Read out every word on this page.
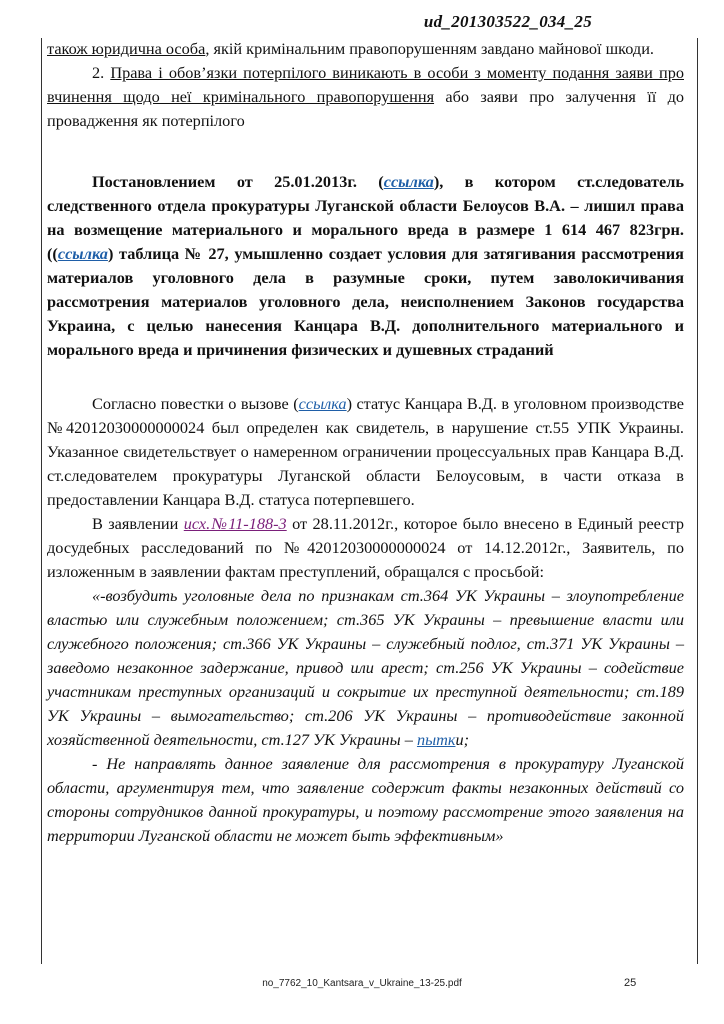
ud_201303522_034_25

також юридична особа, якій кримінальним правопорушенням завдано майнової шкоди.

2. Права і обов’язки потерпілого виникають в особи з моменту подання заяви про вчинення щодо неї кримінального правопорушення або заяви про залучення її до провадження як потерпілого

Постановлением от 25.01.2013г. (ссылка), в котором ст.следователь следственного отдела прокуратуры Луганской области Белоусов В.А. – лишил права на возмещение материального и морального вреда в размере 1 614 467 823грн. ((ссылка) таблица № 27, умышленно создает условия для затягивания рассмотрения материалов уголовного дела в разумные сроки, путем заволокичивания рассмотрения материалов уголовного дела, неисполнением Законов государства Украина, с целью нанесения Канцара В.Д. дополнительного материального и морального вреда и причинения физических и душевных страданий

Согласно повестки о вызове (ссылка) статус Канцара В.Д. в уголовном производстве №42012030000000024 был определен как свидетель, в нарушение ст.55 УПК Украины. Указанное свидетельствует о намеренном ограничении процессуальных прав Канцара В.Д. ст.следователем прокуратуры Луганской области Белоусовым, в части отказа в предоставлении Канцара В.Д. статуса потерпевшего.

В заявлении исх.№11-188-3 от 28.11.2012г., которое было внесено в Единый реестр досудебных расследований по №42012030000000024 от 14.12.2012г., Заявитель, по изложенным в заявлении фактам преступлений, обращался с просьбой:

«-возбудить уголовные дела по признакам ст.364 УК Украины – злоупотребление властью или служебным положением; ст.365 УК Украины – превышение власти или служебного положения; ст.366 УК Украины – служебный подлог, ст.371 УК Украины – заведомо незаконное задержание, привод или арест; ст.256 УК Украины – содействие участникам преступных организаций и сокрытие их преступной деятельности; ст.189 УК Украины – вымогательство; ст.206 УК Украины – противодействие законной хозяйственной деятельности, ст.127 УК Украины – пытки;

- Не направлять данное заявление для рассмотрения в прокуратуру Луганской области, аргументируя тем, что заявление содержит факты незаконных действий со стороны сотрудников данной прокуратуры, и поэтому рассмотрение этого заявления на территории Луганской области не может быть эффективным»

no_7762_10_Kantsara_v_Ukraine_13-25.pdf	25
